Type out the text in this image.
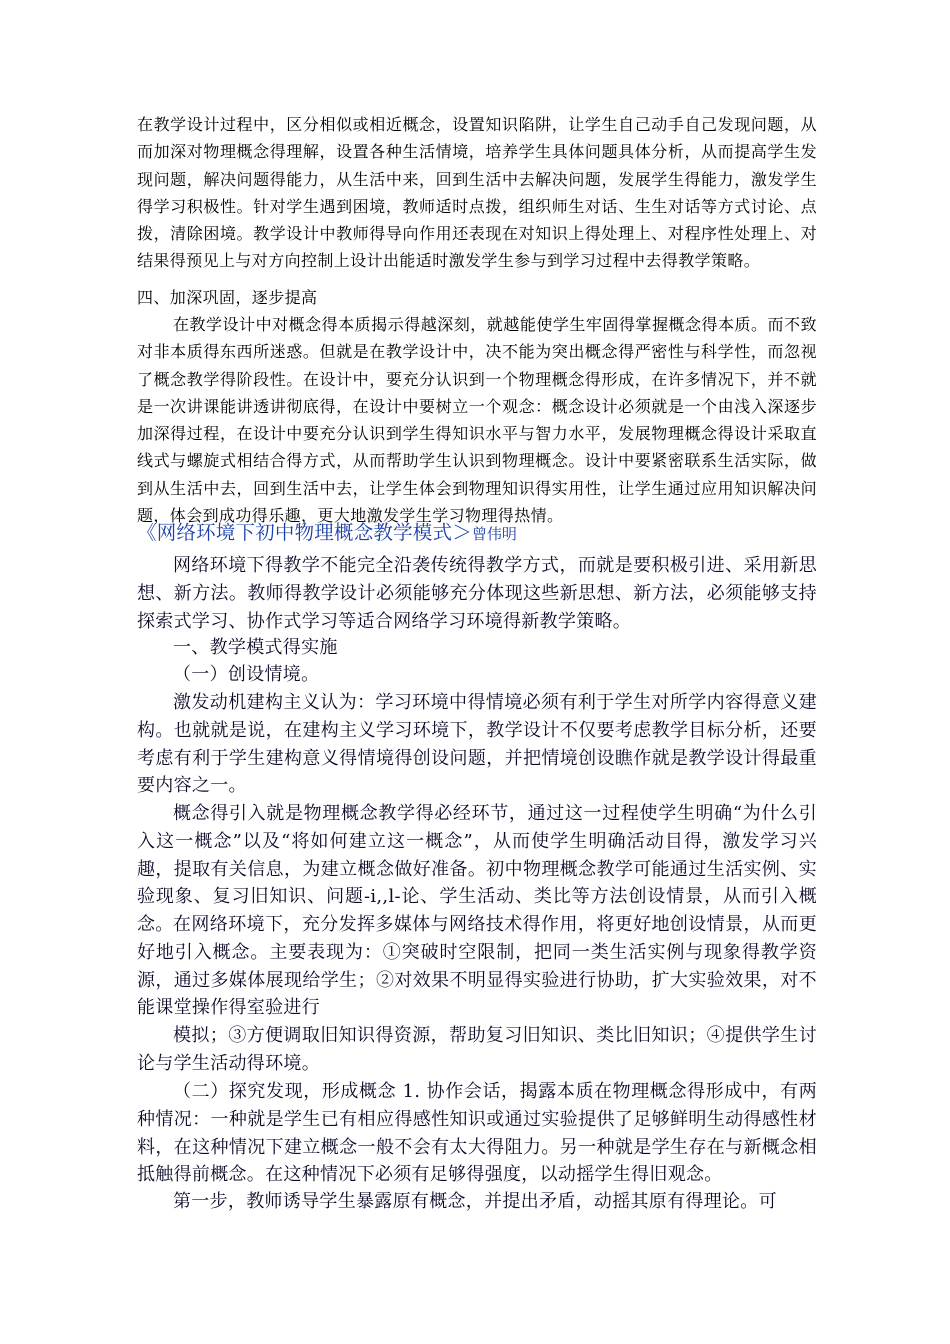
在教学设计过程中，区分相似或相近概念，设置知识陷阱，让学生自己动手自己发现问题，从而加深对物理概念得理解，设置各种生活情境，培养学生具体问题具体分析，从而提高学生发现问题，解决问题得能力，从生活中来，回到生活中去解决问题，发展学生得能力，激发学生得学习积极性。针对学生遇到困境，教师适时点拨，组织师生对话、生生对话等方式讨论、点拨，清除困境。教学设计中教师得导向作用还表现在对知识上得处理上、对程序性处理上、对结果得预见上与对方向控制上设计出能适时激发学生参与到学习过程中去得教学策略。

四、加深巩固，逐步提高

在教学设计中对概念得本质揭示得越深刻，就越能使学生牢固得掌握概念得本质。而不致对非本质得东西所迷惑。但就是在教学设计中，决不能为突出概念得严密性与科学性，而忽视了概念教学得阶段性。在设计中，要充分认识到一个物理概念得形成，在许多情况下，并不就是一次讲课能讲透讲彻底得，在设计中要树立一个观念：概念设计必须就是一个由浅入深逐步加深得过程，在设计中要充分认识到学生得知识水平与智力水平，发展物理概念得设计采取直线式与螺旋式相结合得方式，从而帮助学生认识到物理概念。设计中要紧密联系生活实际，做到从生活中去，回到生活中去，让学生体会到物理知识得实用性，让学生通过应用知识解决问题，体会到成功得乐趣，更大地激发学生学习物理得热情。

《网络环境下初中物理概念教学模式＞曾伟明

网络环境下得教学不能完全沿袭传统得教学方式，而就是要积极引进、采用新思想、新方法。教师得教学设计必须能够充分体现这些新思想、新方法，必须能够支持探索式学习、协作式学习等适合网络学习环境得新教学策略。

一、教学模式得实施

（一）创设情境。

激发动机建构主义认为：学习环境中得情境必须有利于学生对所学内容得意义建构。也就就是说，在建构主义学习环境下，教学设计不仅要考虑教学目标分析，还要考虑有利于学生建构意义得情境得创设问题，并把情境创设瞧作就是教学设计得最重要内容之一。

概念得引入就是物理概念教学得必经环节，通过这一过程使学生明确“为什么引入这一概念”以及“将如何建立这一概念”，从而使学生明确活动目得，激发学习兴趣，提取有关信息，为建立概念做好准备。初中物理概念教学可能通过生活实例、实验现象、复习旧知识、问题-i,,l-论、学生活动、类比等方法创设情景，从而引入概念。 在网络环境下，充分发挥多媒体与网络技术得作用，将更好地创设情景，从而更好地引入概念。主要表现为：①突破时空限制，把同一类生活实例与现象得教学资源，通过多媒体展现给学生；②对效果不明显得实验进行协助，扩大实验效果，对不能课堂操作得室验进行

模拟；③方便调取旧知识得资源，帮助复习旧知识、类比旧知识；④提供学生讨论与学生活动得环境。

（二）探究发现，形成概念 1. 协作会话，揭露本质在物理概念得形成中，有两种情况：一种就是学生已有相应得感性知识或通过实验提供了足够鲜明生动得感性材料，在这种情况下建立概念一般不会有太大得阻力。另一种就是学生存在与新概念相抵触得前概念。在这种情况下必须有足够得强度，以动摇学生得旧观念。

第一步，教师诱导学生暴露原有概念，并提出矛盾，动摇其原有得理论。可
